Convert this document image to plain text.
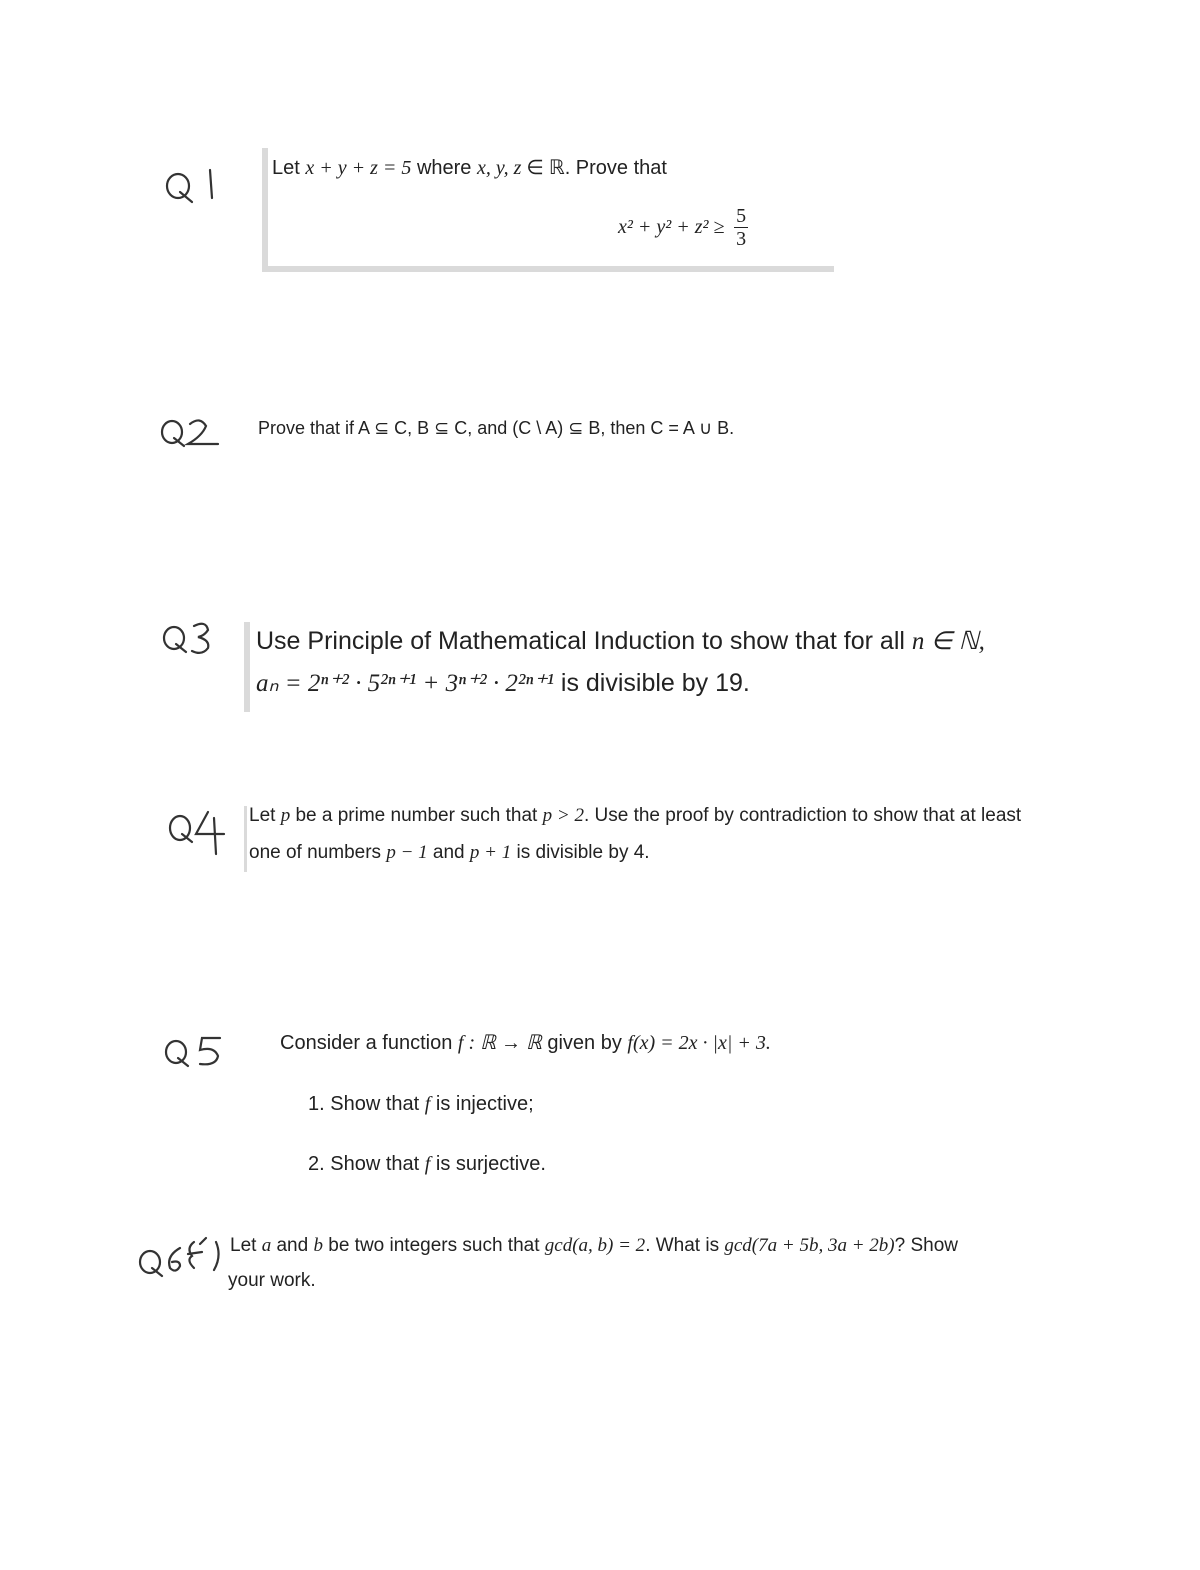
Let x + y + z = 5 where x, y, z ∈ ℝ. Prove that
$x^2 + y^2 + z^2 \ge \frac{5}{3}$
Prove that if A ⊆ C, B ⊆ C, and (C \ A) ⊆ B, then C = A ∪ B.
Use Principle of Mathematical Induction to show that for all n ∈ ℕ,
aₙ = 2ⁿ⁺² · 5²ⁿ⁺¹ + 3ⁿ⁺² · 2²ⁿ⁺¹ is divisible by 19.
Let p be a prime number such that p > 2. Use the proof by contradiction to show that at least
one of numbers p − 1 and p + 1 is divisible by 4.
Consider a function f : ℝ → ℝ given by f(x) = 2x · |x| + 3.
1. Show that f is injective;
2. Show that f is surjective.
Let a and b be two integers such that gcd(a, b) = 2. What is gcd(7a + 5b, 3a + 2b)? Show
your work.
